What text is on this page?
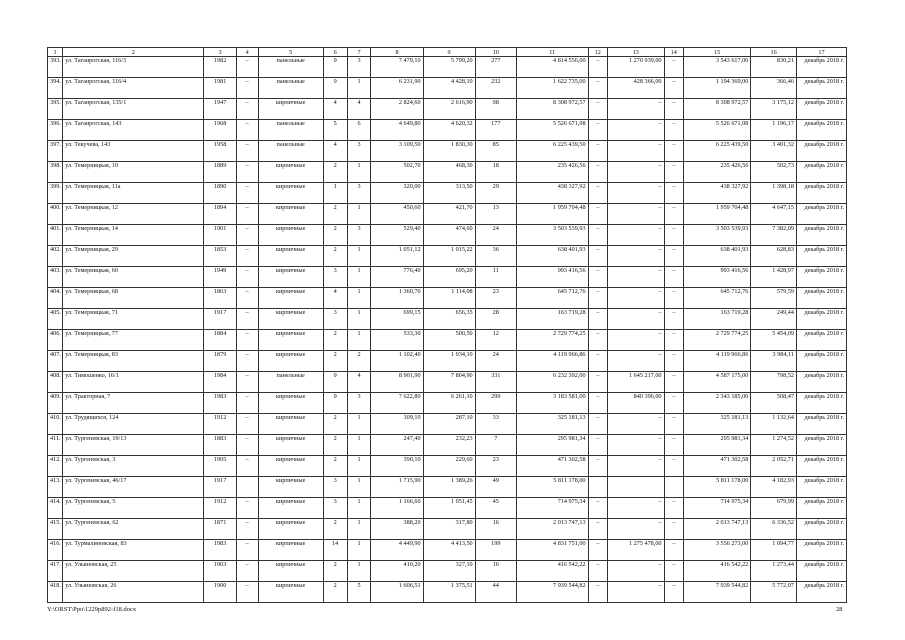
1	2	3	4	5	6	7	8	9	10	11	12	13	14	15	16	17
393.	ул. Таганрогская, 116/3	1982	–	панельные	9	3	7 479,10	5 799,20	277	4 814 556,00	–	1 270 939,00	–	3 543 617,00	830,21	декабрь 2018 г.
394.	ул. Таганрогская, 116/4	1981	–	панельные	9	1	6 231,90	4 428,10	232	1 622 735,00	–	428 366,00	–	1 194 369,00	366,46	декабрь 2018 г.
395.	ул. Таганрогская, 135/1	1947	–	кирпичные	4	4	2 824,60	2 616,90	98	8 308 972,57	–	–	–	8 308 972,57	3 175,12	декабрь 2018 г.
396.	ул. Таганрогская, 143	1968	–	панельные	5	6	4 649,80	4 620,32	177	5 526 671,08	–	–	–	5 526 671,08	1 196,17	декабрь 2018 г.
397.	ул. Текучева, 143	1958	–	панельные	4	3	3 109,50	1 830,30	85	6 225 439,50	–	–	–	6 225 439,50	3 401,32	декабрь 2018 г.
398.	ул. Темерницкая, 10	1889	–	кирпичные	2	1	502,70	468,30	18	235 426,56	–	–	–	235 426,56	502,73	декабрь 2018 г.
399.	ул. Темерницкая, 11а	1890	–	кирпичные	1	3	320,00	313,50	29	438 327,92	–	–	–	438 327,92	1 398,18	декабрь 2018 г.
400.	ул. Темерницкая, 12	1894	–	кирпичные	2	1	450,60	421,70	13	1 959 704,48	–	–	–	1 959 704,48	4 647,15	декабрь 2018 г.
401.	ул. Темерницкая, 14	1901	–	кирпичные	2	3	529,40	474,60	24	3 503 539,93	–	–	–	3 503 539,93	7 382,09	декабрь 2018 г.
402.	ул. Темерницкая, 29	1853	–	кирпичные	2	1	1 051,12	1 015,22	36	638 401,93	–	–	–	638 401,93	628,83	декабрь 2018 г.
403.	ул. Темерницкая, 60	1949	–	кирпичные	3	1	776,40	695,20	11	993 416,56	–	–	–	993 416,56	1 428,97	декабрь 2018 г.
404.	ул. Темерницкая, 68	1863	–	кирпичные	4	1	1 360,70	1 114,08	23	645 712,76	–	–	–	645 712,76	579,59	декабрь 2018 г.
405.	ул. Темерницкая, 71	1917	–	кирпичные	3	1	699,15	656,35	28	163 719,28	–	–	–	163 719,28	249,44	декабрь 2018 г.
406.	ул. Темерницкая, 77	1884	–	кирпичные	2	1	533,30	500,50	12	2 729 774,25	–	–	–	2 729 774,25	5 454,09	декабрь 2018 г.
407.	ул. Темерницкая, 83	1879	–	кирпичные	2	2	1 102,40	1 034,10	24	4 119 966,86	–	–	–	4 119 966,86	3 984,11	декабрь 2018 г.
408.	ул. Тимошенко, 16/1	1984	–	панельные	9	4	8 901,90	7 804,90	331	6 232 392,00	–	1 645 217,00	–	4 587 175,00	798,52	декабрь 2018 г.
409.	ул. Тракторная, 7	1983	–	кирпичные	9	3	7 622,80	6 261,10	299	3 183 581,00	–	840 396,00	–	2 343 185,00	508,47	декабрь 2018 г.
410.	ул. Трудящихся, 124	1912	–	кирпичные	2	1	309,10	287,10	33	325 181,13	–	–	–	325 181,13	1 132,64	декабрь 2018 г.
411.	ул. Тургеневская, 19/13	1883	–	кирпичные	2	1	247,40	232,23	7	295 981,34	–	–	–	295 981,34	1 274,52	декабрь 2018 г.
412.	ул. Тургеневская, 3	1905	–	кирпичные	2	1	390,10	229,60	23	471 302,58	–	–	–	471 302,58	2 052,71	декабрь 2018 г.
413.	ул. Тургеневская, 46/17	1917		кирпичные	3	1	1 715,90	1 389,26	49	5 811 178,00				5 811 178,00	4 182,93	декабрь 2018 г.
414.	ул. Тургеневская, 5	1912	–	кирпичные	3	1	1 166,60	1 051,45	45	714 975,34	–	–	–	714 975,34	679,99	декабрь 2018 г.
415.	ул. Тургеневская, 62	1871	–	кирпичные	2	1	388,20	317,80	16	2 013 747,13	–	–	–	2 013 747,13	6 336,52	декабрь 2018 г.
416.	ул. Турмалиновская, 83	1983	–	кирпичные	14	1	4 449,90	4 413,50	199	4 831 751,00	–	1 275 478,00	–	3 556 273,00	1 094,77	декабрь 2018 г.
417.	ул. Ульяновская, 25	1903	–	кирпичные	2	1	410,20	327,10	16	416 542,22	–	–	–	416 542,22	1 273,44	декабрь 2018 г.
418.	ул. Ульяновская, 26	1900	–	кирпичные	2	5	1 606,51	1 375,51	44	7 939 544,82	–	–	–	7 939 544,82	5 772,07	декабрь 2018 г.
Y:\ORST\Ppo\1229p892-f18.docx	28
